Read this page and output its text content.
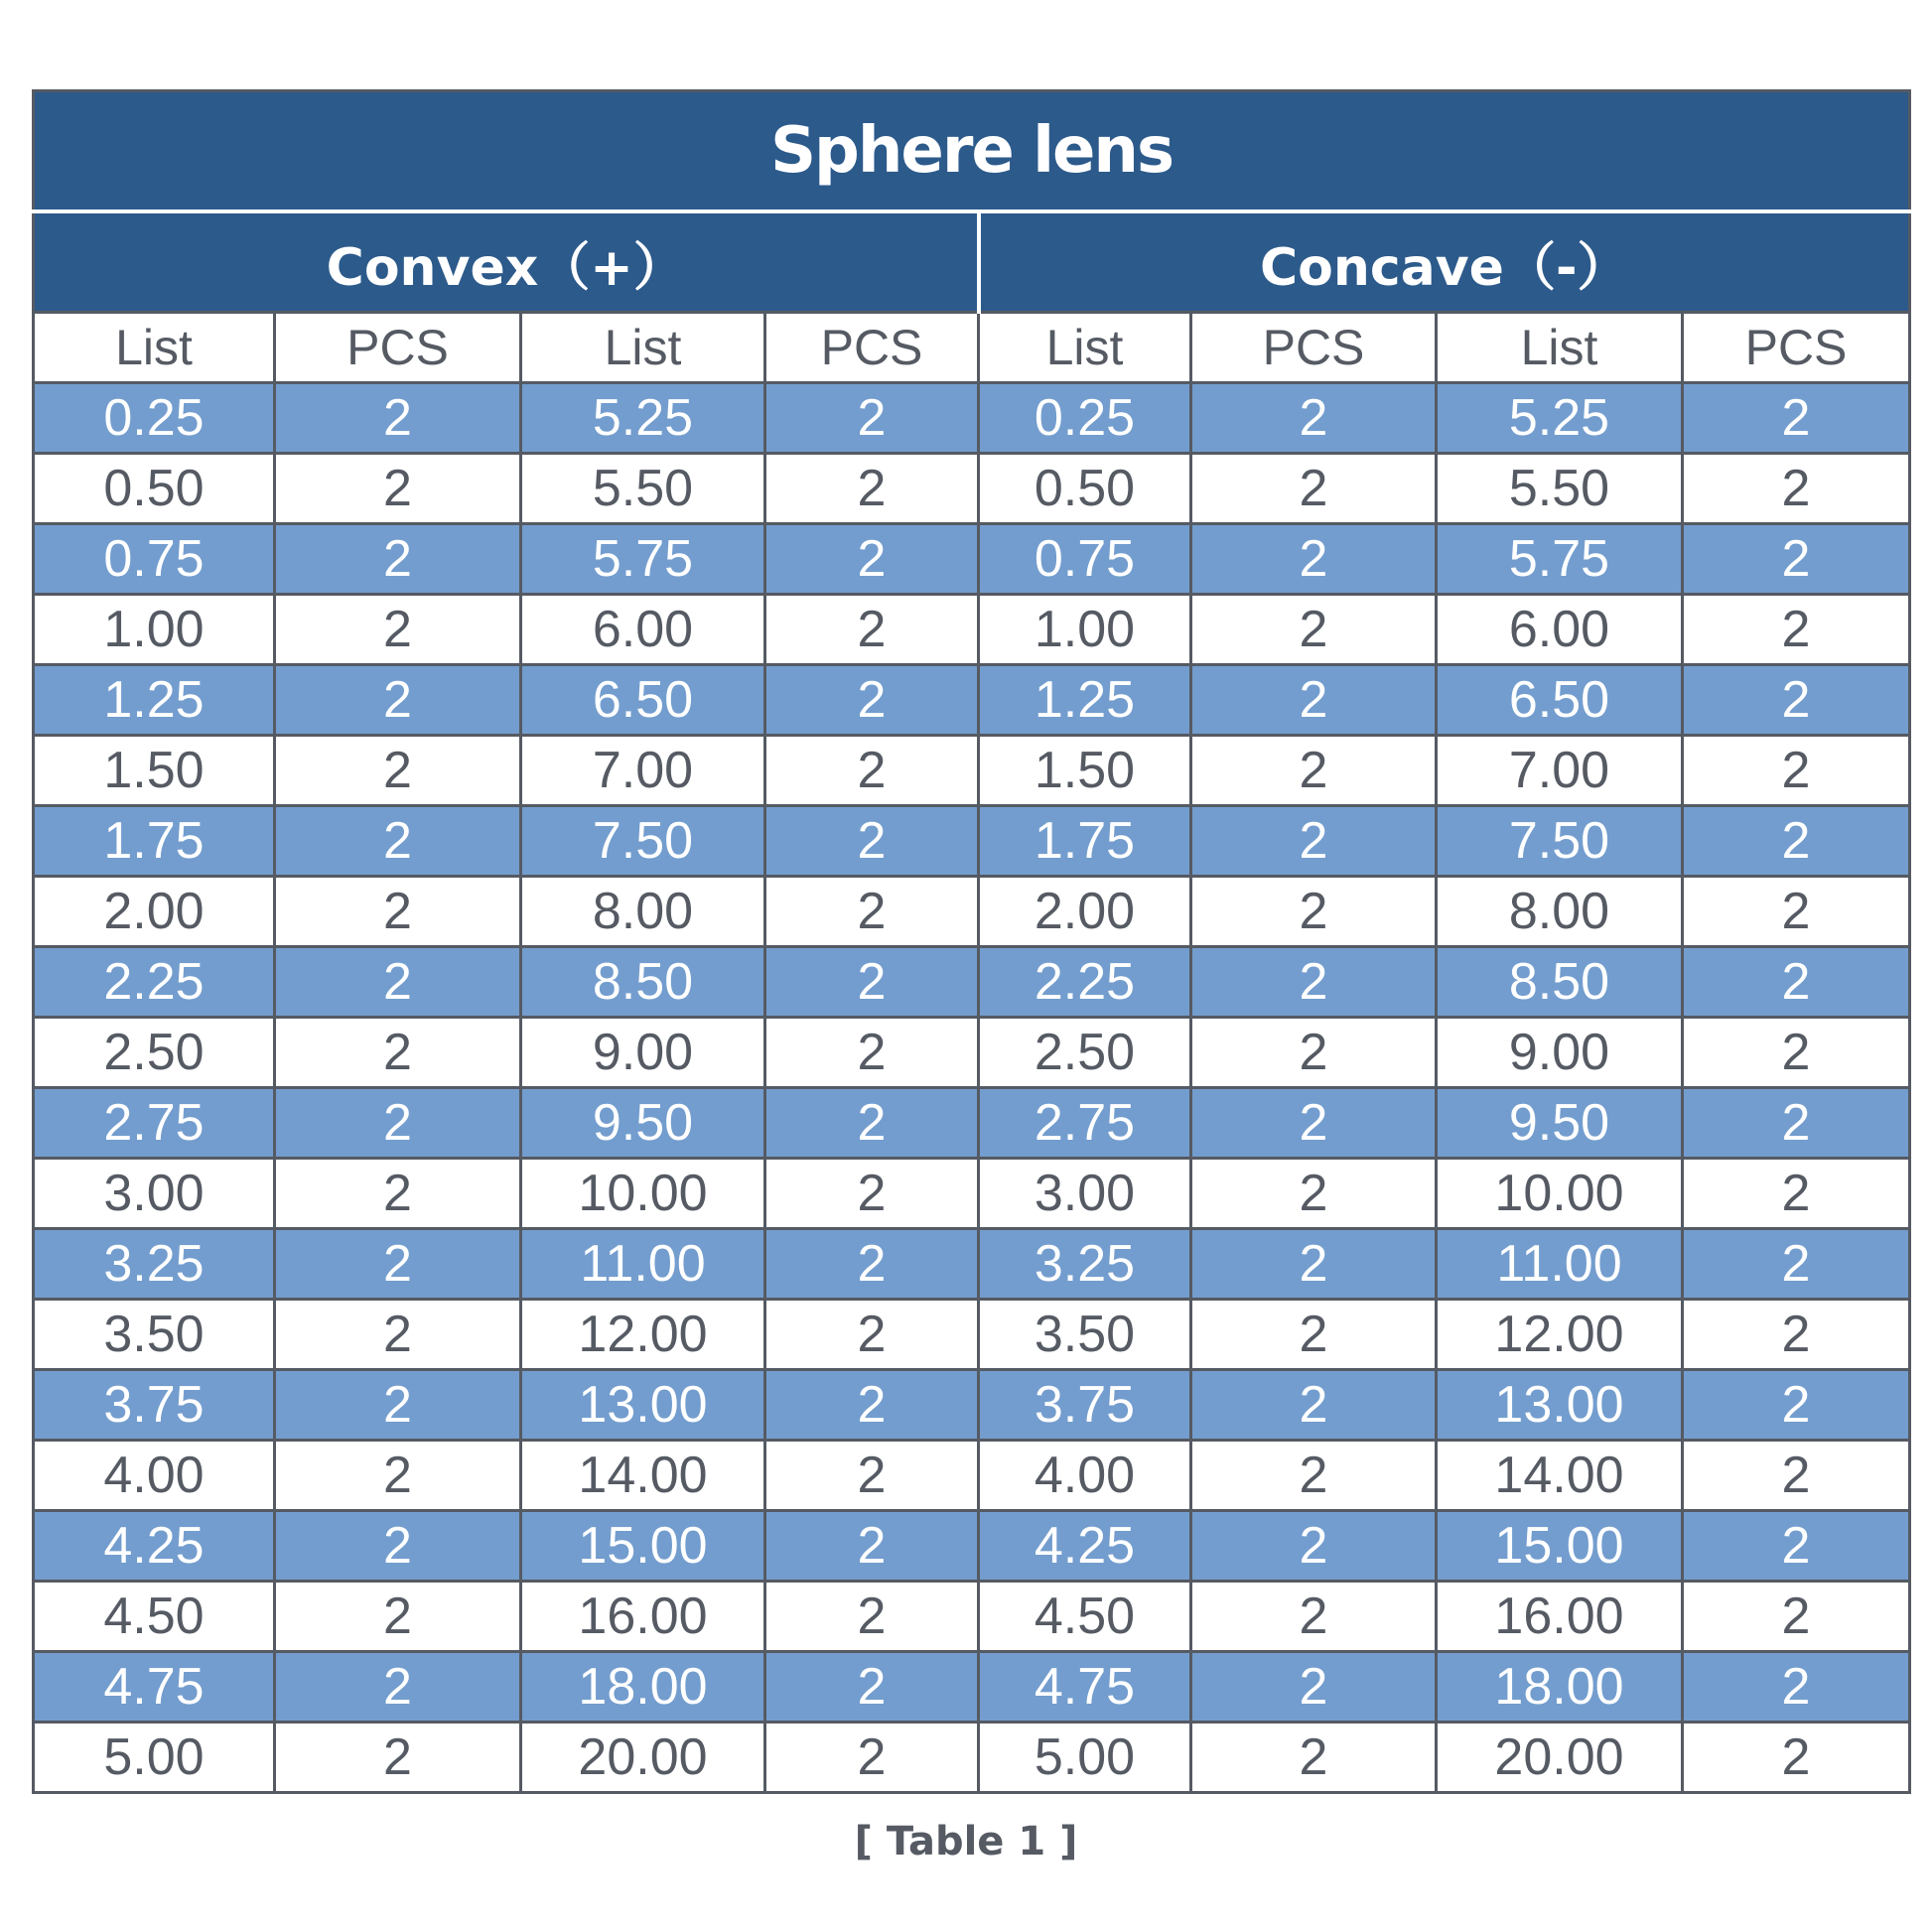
Sphere lens							
Convex（+）				Concave（-）			
List	PCS	List	PCS	List	PCS	List	PCS
0.25	2	5.25	2	0.25	2	5.25	2
0.50	2	5.50	2	0.50	2	5.50	2
0.75	2	5.75	2	0.75	2	5.75	2
1.00	2	6.00	2	1.00	2	6.00	2
1.25	2	6.50	2	1.25	2	6.50	2
1.50	2	7.00	2	1.50	2	7.00	2
1.75	2	7.50	2	1.75	2	7.50	2
2.00	2	8.00	2	2.00	2	8.00	2
2.25	2	8.50	2	2.25	2	8.50	2
2.50	2	9.00	2	2.50	2	9.00	2
2.75	2	9.50	2	2.75	2	9.50	2
3.00	2	10.00	2	3.00	2	10.00	2
3.25	2	11.00	2	3.25	2	11.00	2
3.50	2	12.00	2	3.50	2	12.00	2
3.75	2	13.00	2	3.75	2	13.00	2
4.00	2	14.00	2	4.00	2	14.00	2
4.25	2	15.00	2	4.25	2	15.00	2
4.50	2	16.00	2	4.50	2	16.00	2
4.75	2	18.00	2	4.75	2	18.00	2
5.00	2	20.00	2	5.00	2	20.00	2
[ Table 1 ]
